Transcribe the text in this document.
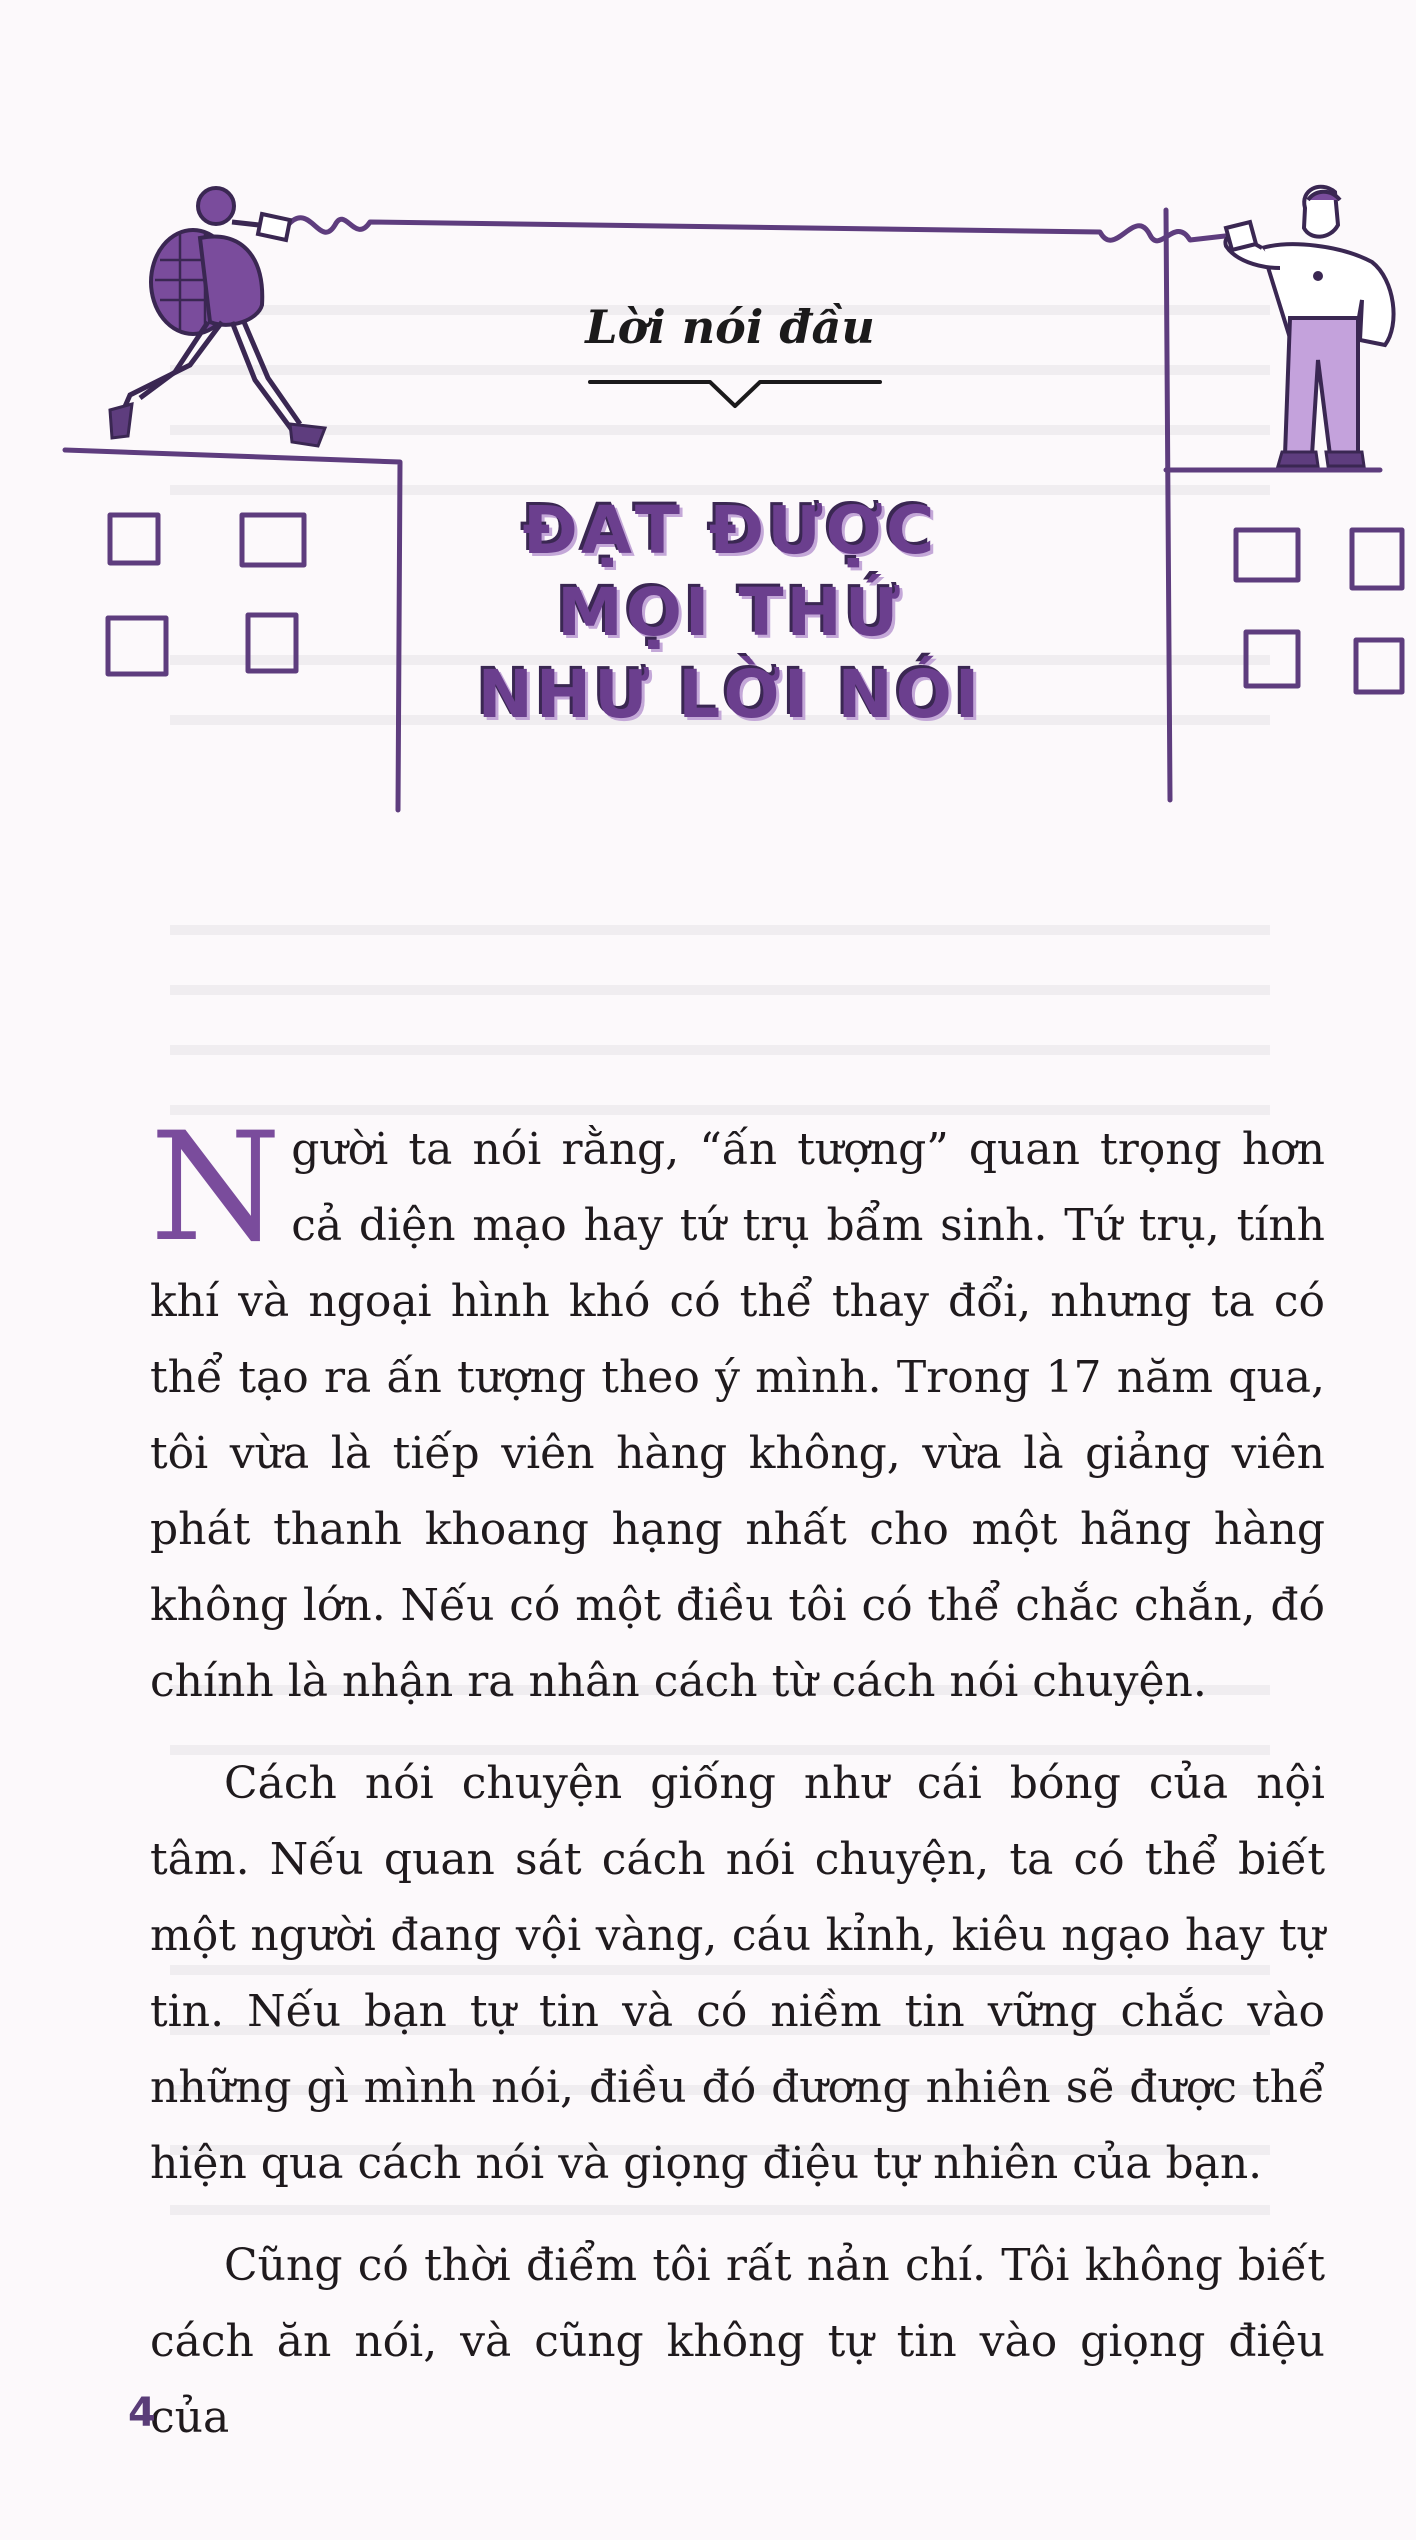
Lời nói đầu
ĐẠT ĐƯỢC
MỌI THỨ
NHƯ LỜI NÓI

Người ta nói rằng, “ấn tượng” quan trọng hơn cả diện mạo hay tứ trụ bẩm sinh. Tứ trụ, tính khí và ngoại hình khó có thể thay đổi, nhưng ta có thể tạo ra ấn tượng theo ý mình. Trong 17 năm qua, tôi vừa là tiếp viên hàng không, vừa là giảng viên phát thanh khoang hạng nhất cho một hãng hàng không lớn. Nếu có một điều tôi có thể chắc chắn, đó chính là nhận ra nhân cách từ cách nói chuyện.

Cách nói chuyện giống như cái bóng của nội tâm. Nếu quan sát cách nói chuyện, ta có thể biết một người đang vội vàng, cáu kỉnh, kiêu ngạo hay tự tin. Nếu bạn tự tin và có niềm tin vững chắc vào những gì mình nói, điều đó đương nhiên sẽ được thể hiện qua cách nói và giọng điệu tự nhiên của bạn.

Cũng có thời điểm tôi rất nản chí. Tôi không biết cách ăn nói, và cũng không tự tin vào giọng điệu của

4
